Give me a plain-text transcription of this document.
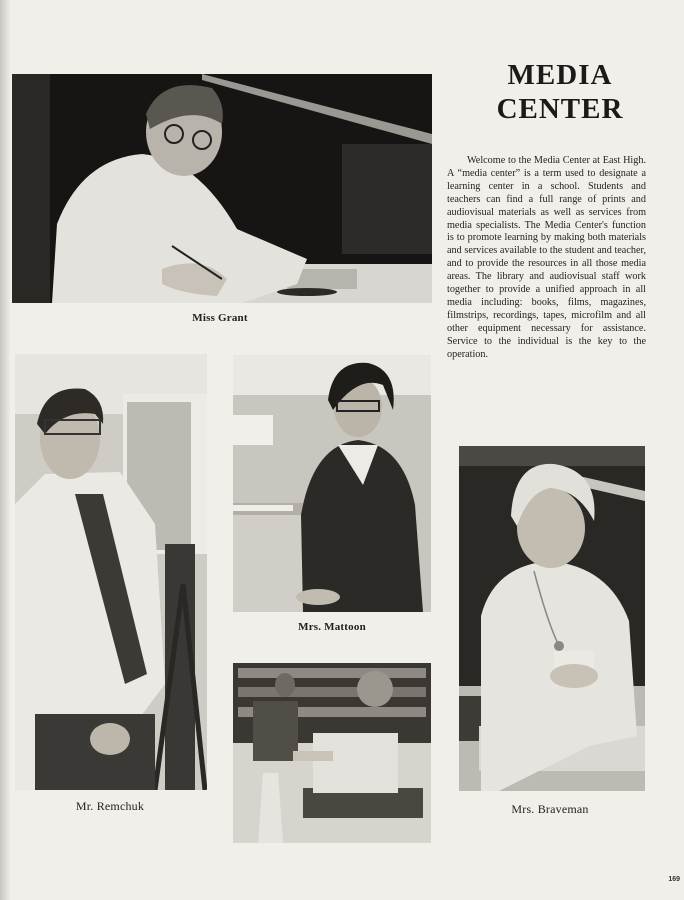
Miss Grant
MEDIA
CENTER
Welcome to the Media Center at East High. A “media center” is a term used to designate a learning center in a school. Students and teachers can find a full range of prints and audiovisual materials as well as services from media specialists. The Media Center's function is to promote learning by making both materials and services available to the student and teacher, and to provide the resources in all those media areas. The library and audiovisual staff work together to provide a unified approach in all media including: books, films, magazines, filmstrips, recordings, tapes, microfilm and all other equipment necessary for assistance. Service to the individual is the key to the operation.
Mr. Remchuk
Mrs. Mattoon
Mrs. Braveman
169
